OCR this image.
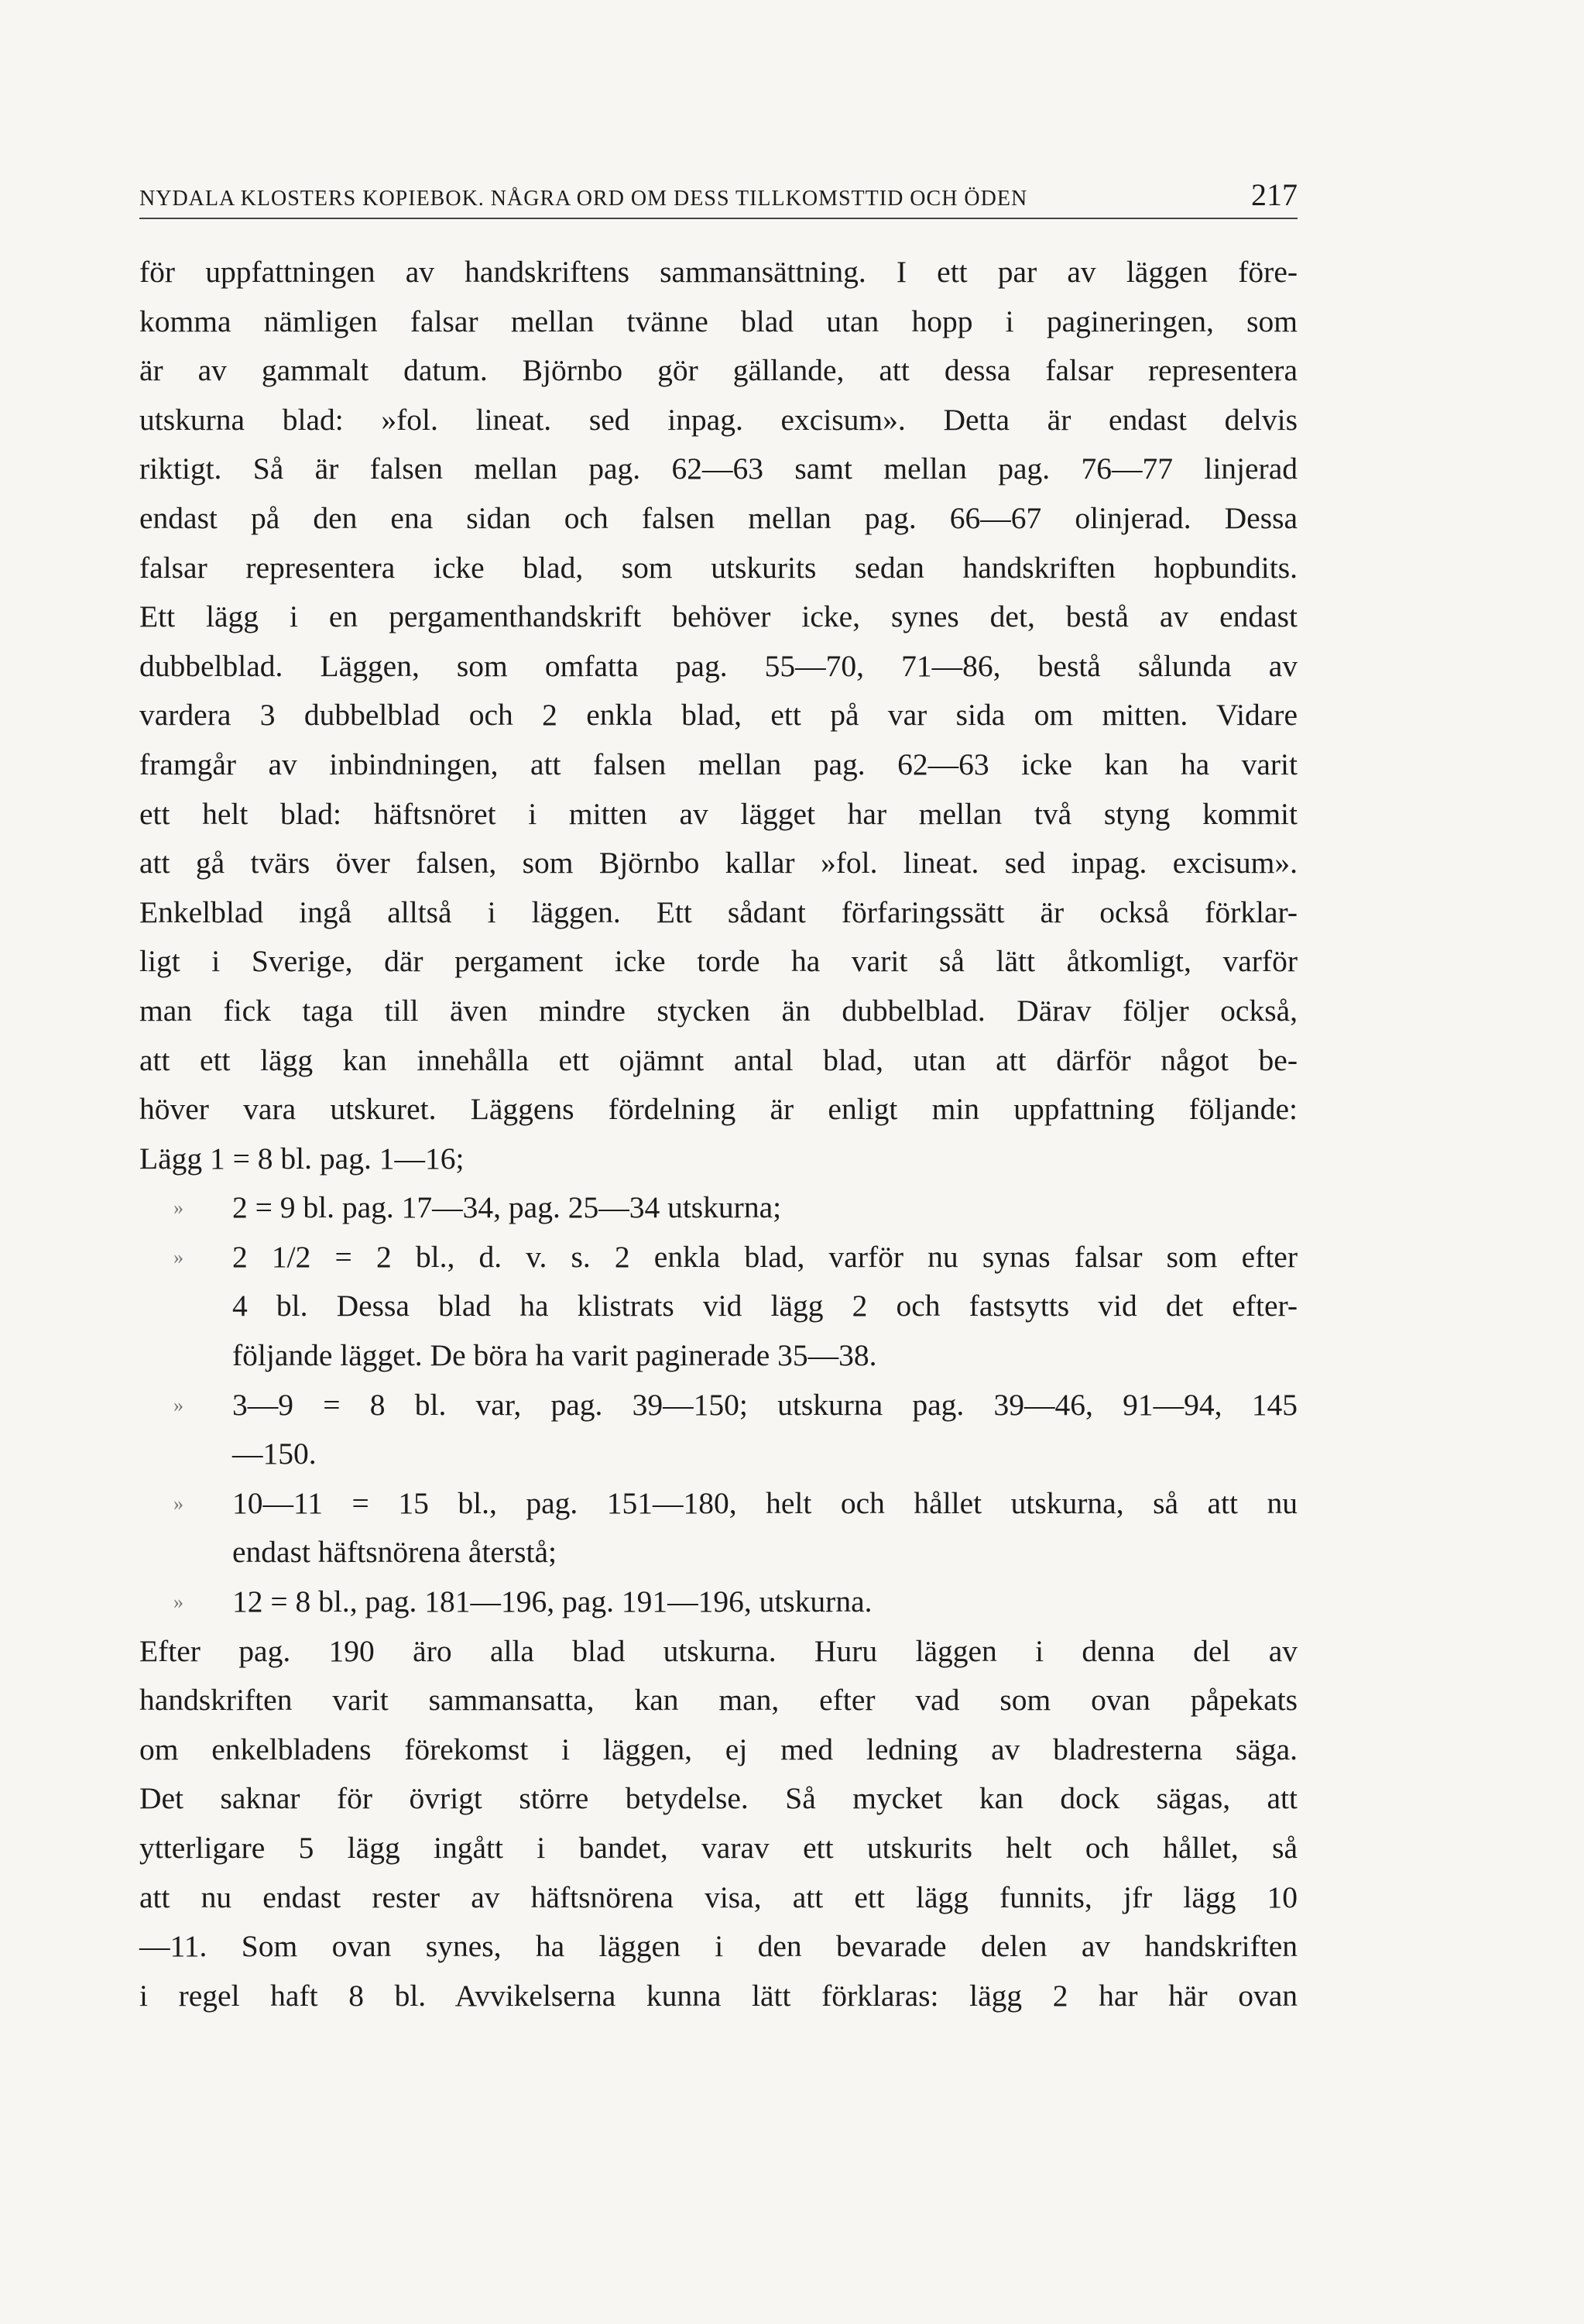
NYDALA KLOSTERS KOPIEBOK. NÅGRA ORD OM DESS TILLKOMSTTID OCH ÖDEN	217
för uppfattningen av handskriftens sammansättning. I ett par av läggen före-
komma nämligen falsar mellan tvänne blad utan hopp i pagineringen, som
är av gammalt datum. Björnbo gör gällande, att dessa falsar representera
utskurna blad: »fol. lineat. sed inpag. excisum». Detta är endast delvis
riktigt. Så är falsen mellan pag. 62—63 samt mellan pag. 76—77 linjerad
endast på den ena sidan och falsen mellan pag. 66—67 olinjerad. Dessa
falsar representera icke blad, som utskurits sedan handskriften hopbundits.
Ett lägg i en pergamenthandskrift behöver icke, synes det, bestå av endast
dubbelblad. Läggen, som omfatta pag. 55—70, 71—86, bestå sålunda av
vardera 3 dubbelblad och 2 enkla blad, ett på var sida om mitten. Vidare
framgår av inbindningen, att falsen mellan pag. 62—63 icke kan ha varit
ett helt blad: häftsnöret i mitten av lägget har mellan två styng kommit
att gå tvärs över falsen, som Björnbo kallar »fol. lineat. sed inpag. excisum».
Enkelblad ingå alltså i läggen. Ett sådant förfaringssätt är också förklar-
ligt i Sverige, där pergament icke torde ha varit så lätt åtkomligt, varför
man fick taga till även mindre stycken än dubbelblad. Därav följer också,
att ett lägg kan innehålla ett ojämnt antal blad, utan att därför något be-
höver vara utskuret. Läggens fördelning är enligt min uppfattning följande:
Lägg 1 = 8 bl. pag. 1—16;
» 2 = 9 bl. pag. 17—34, pag. 25—34 utskurna;
» 2 1/2 = 2 bl., d. v. s. 2 enkla blad, varför nu synas falsar som efter
4 bl. Dessa blad ha klistrats vid lägg 2 och fastsytts vid det efter-
följande lägget. De böra ha varit paginerade 35—38.
» 3—9 = 8 bl. var, pag. 39—150; utskurna pag. 39—46, 91—94, 145
—150.
» 10—11 = 15 bl., pag. 151—180, helt och hållet utskurna, så att nu
endast häftsnörena återstå;
» 12 = 8 bl., pag. 181—196, pag. 191—196, utskurna.
Efter pag. 190 äro alla blad utskurna. Huru läggen i denna del av
handskriften varit sammansatta, kan man, efter vad som ovan påpekats
om enkelbladens förekomst i läggen, ej med ledning av bladresterna säga.
Det saknar för övrigt större betydelse. Så mycket kan dock sägas, att
ytterligare 5 lägg ingått i bandet, varav ett utskurits helt och hållet, så
att nu endast rester av häftsnörena visa, att ett lägg funnits, jfr lägg 10
—11. Som ovan synes, ha läggen i den bevarade delen av handskriften
i regel haft 8 bl. Avvikelserna kunna lätt förklaras: lägg 2 har här ovan
